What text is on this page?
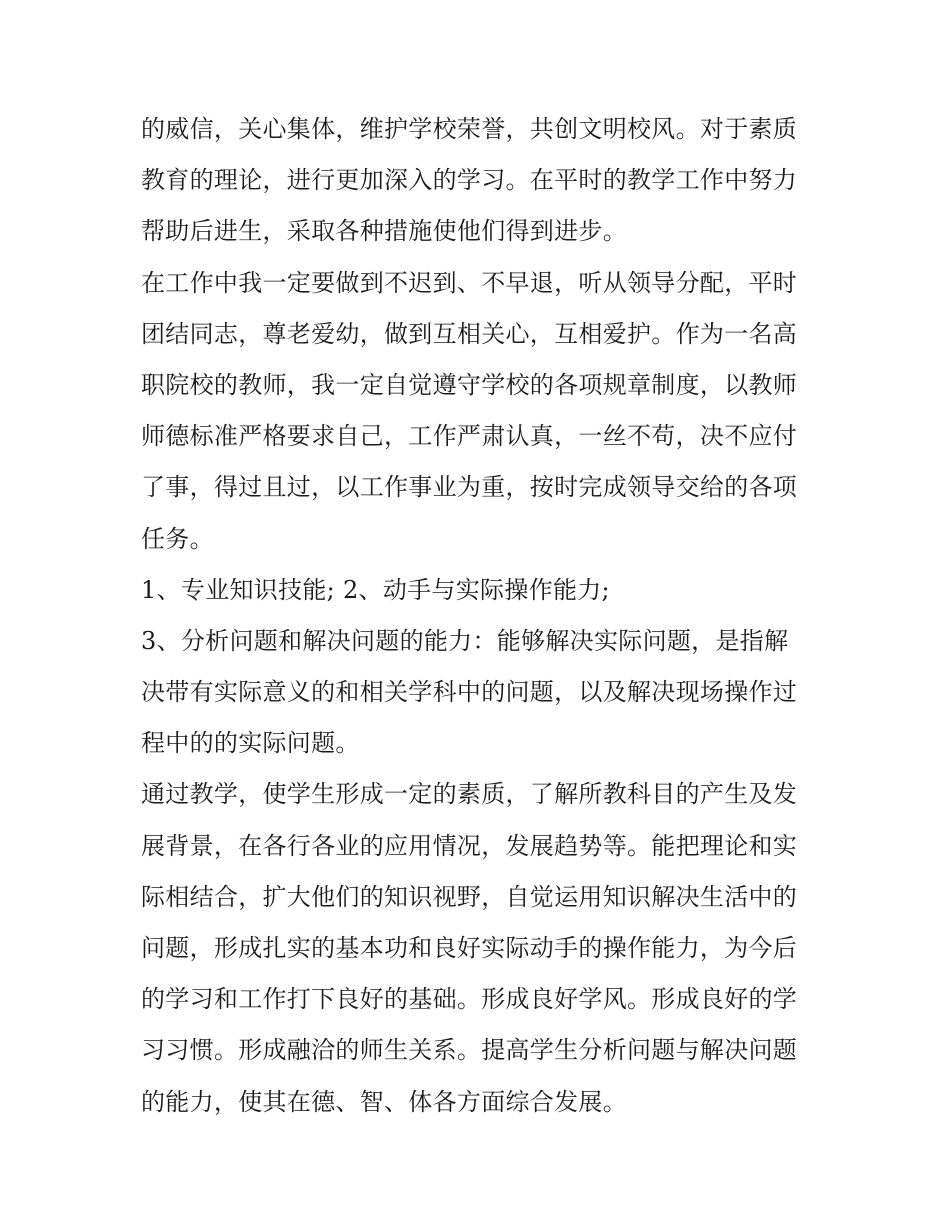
的威信，关心集体，维护学校荣誉，共创文明校风。对于素质
教育的理论，进行更加深入的学习。在平时的教学工作中努力
帮助后进生，采取各种措施使他们得到进步。
在工作中我一定要做到不迟到、不早退，听从领导分配，平时
团结同志，尊老爱幼，做到互相关心，互相爱护。作为一名高
职院校的教师，我一定自觉遵守学校的各项规章制度，以教师
师德标准严格要求自己，工作严肃认真，一丝不苟，决不应付
了事，得过且过，以工作事业为重，按时完成领导交给的各项
任务。
1、专业知识技能; 2、动手与实际操作能力;
3、分析问题和解决问题的能力：能够解决实际问题，是指解
决带有实际意义的和相关学科中的问题，以及解决现场操作过
程中的的实际问题。
通过教学，使学生形成一定的素质，了解所教科目的产生及发
展背景，在各行各业的应用情况，发展趋势等。能把理论和实
际相结合，扩大他们的知识视野，自觉运用知识解决生活中的
问题，形成扎实的基本功和良好实际动手的操作能力，为今后
的学习和工作打下良好的基础。形成良好学风。形成良好的学
习习惯。形成融洽的师生关系。提高学生分析问题与解决问题
的能力，使其在德、智、体各方面综合发展。
